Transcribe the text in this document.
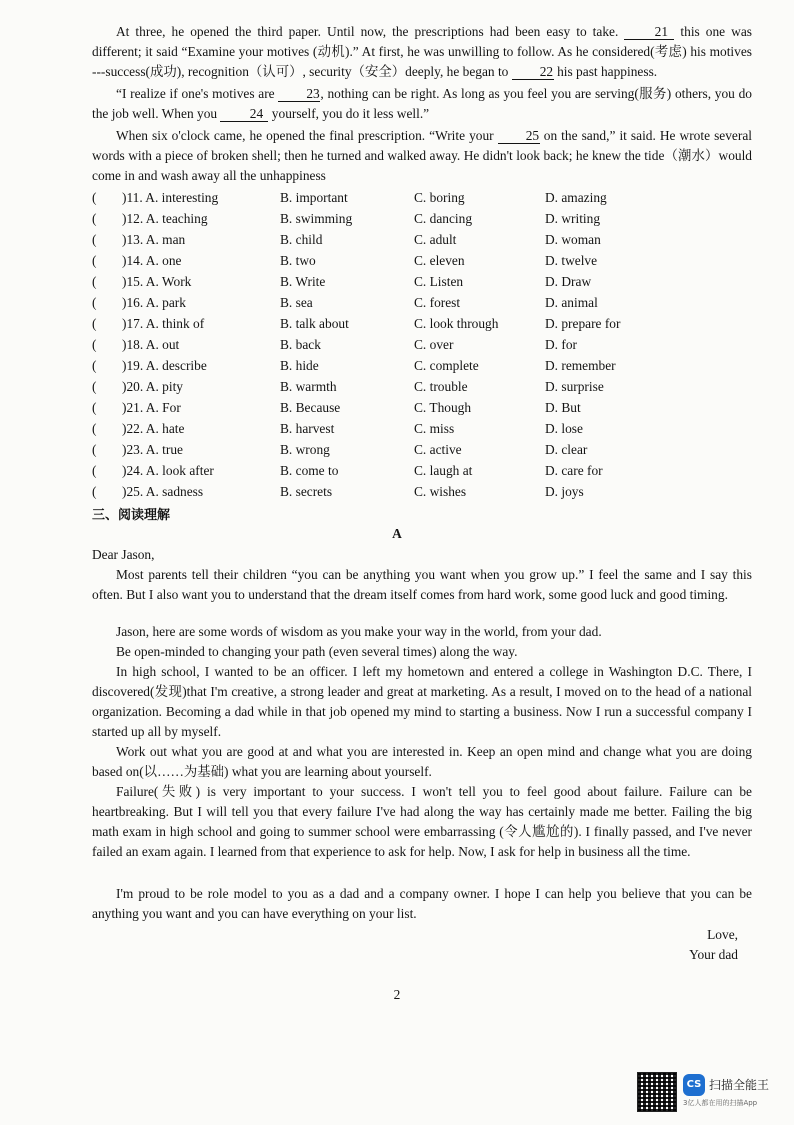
At three, he opened the third paper. Until now, the prescriptions had been easy to take.	21 this one was different; it said “Examine your motives (动机).” At first, he was unwilling to follow. As he considered(考虑) his motives ---success(成功), recognition（认可）, security（安全）deeply, he began to 22 his past happiness.
“I realize if one's motives are 23, nothing can be right. As long as you feel you are serving(服务) others, you do the job well. When you 24 yourself, you do it less well.”
When six o'clock came, he opened the final prescription. “Write your 25 on the sand,” it said. He wrote several words with a piece of broken shell; then he turned and walked away. He didn't look back; he knew the tide（潮水）would come in and wash away all the unhappiness
( )11. A. interesting	B. important	C. boring	D. amazing
( )12. A. teaching	B. swimming	C. dancing	D. writing
( )13. A. man	B. child	C. adult	D. woman
( )14. A. one	B. two	C. eleven	D. twelve
( )15. A. Work	B. Write	C. Listen	D. Draw
( )16. A. park	B. sea	C. forest	D. animal
( )17. A. think of	B. talk about	C. look through	D. prepare for
( )18. A. out	B. back	C. over	D. for
( )19. A. describe	B. hide	C. complete	D. remember
( )20. A. pity	B. warmth	C. trouble	D. surprise
( )21. A. For	B. Because	C. Though	D. But
( )22. A. hate	B. harvest	C. miss	D. lose
( )23. A. true	B. wrong	C. active	D. clear
( )24. A. look after	B. come to	C. laugh at	D. care for
( )25. A. sadness	B. secrets	C. wishes	D. joys
三、阅读理解
A
Dear Jason,
Most parents tell their children “you can be anything you want when you grow up.” I feel the same and I say this often. But I also want you to understand that the dream itself comes from hard work, some good luck and good timing.
Jason, here are some words of wisdom as you make your way in the world, from your dad.
Be open-minded to changing your path (even several times) along the way.
In high school, I wanted to be an officer. I left my hometown and entered a college in Washington D.C. There, I discovered(发现)that I'm creative, a strong leader and great at marketing. As a result, I moved on to the head of a national organization. Becoming a dad while in that job opened my mind to starting a business. Now I run a successful company I started up all by myself.
Work out what you are good at and what you are interested in. Keep an open mind and change what you are doing based on(以……为基础) what you are learning about yourself.
Failure(失败) is very important to your success. I won't tell you to feel good about failure. Failure can be heartbreaking. But I will tell you that every failure I've had along the way has certainly made me better. Failing the big math exam in high school and going to summer school were embarrassing (令人尴尬的). I finally passed, and I've never failed an exam again. I learned from that experience to ask for help. Now, I ask for help in business all the time.
I'm proud to be role model to you as a dad and a company owner. I hope I can help you believe that you can be anything you want and you can have everything on your list.
Love,
Your dad
2
CS 扫描全能王
3亿人都在用的扫描App
